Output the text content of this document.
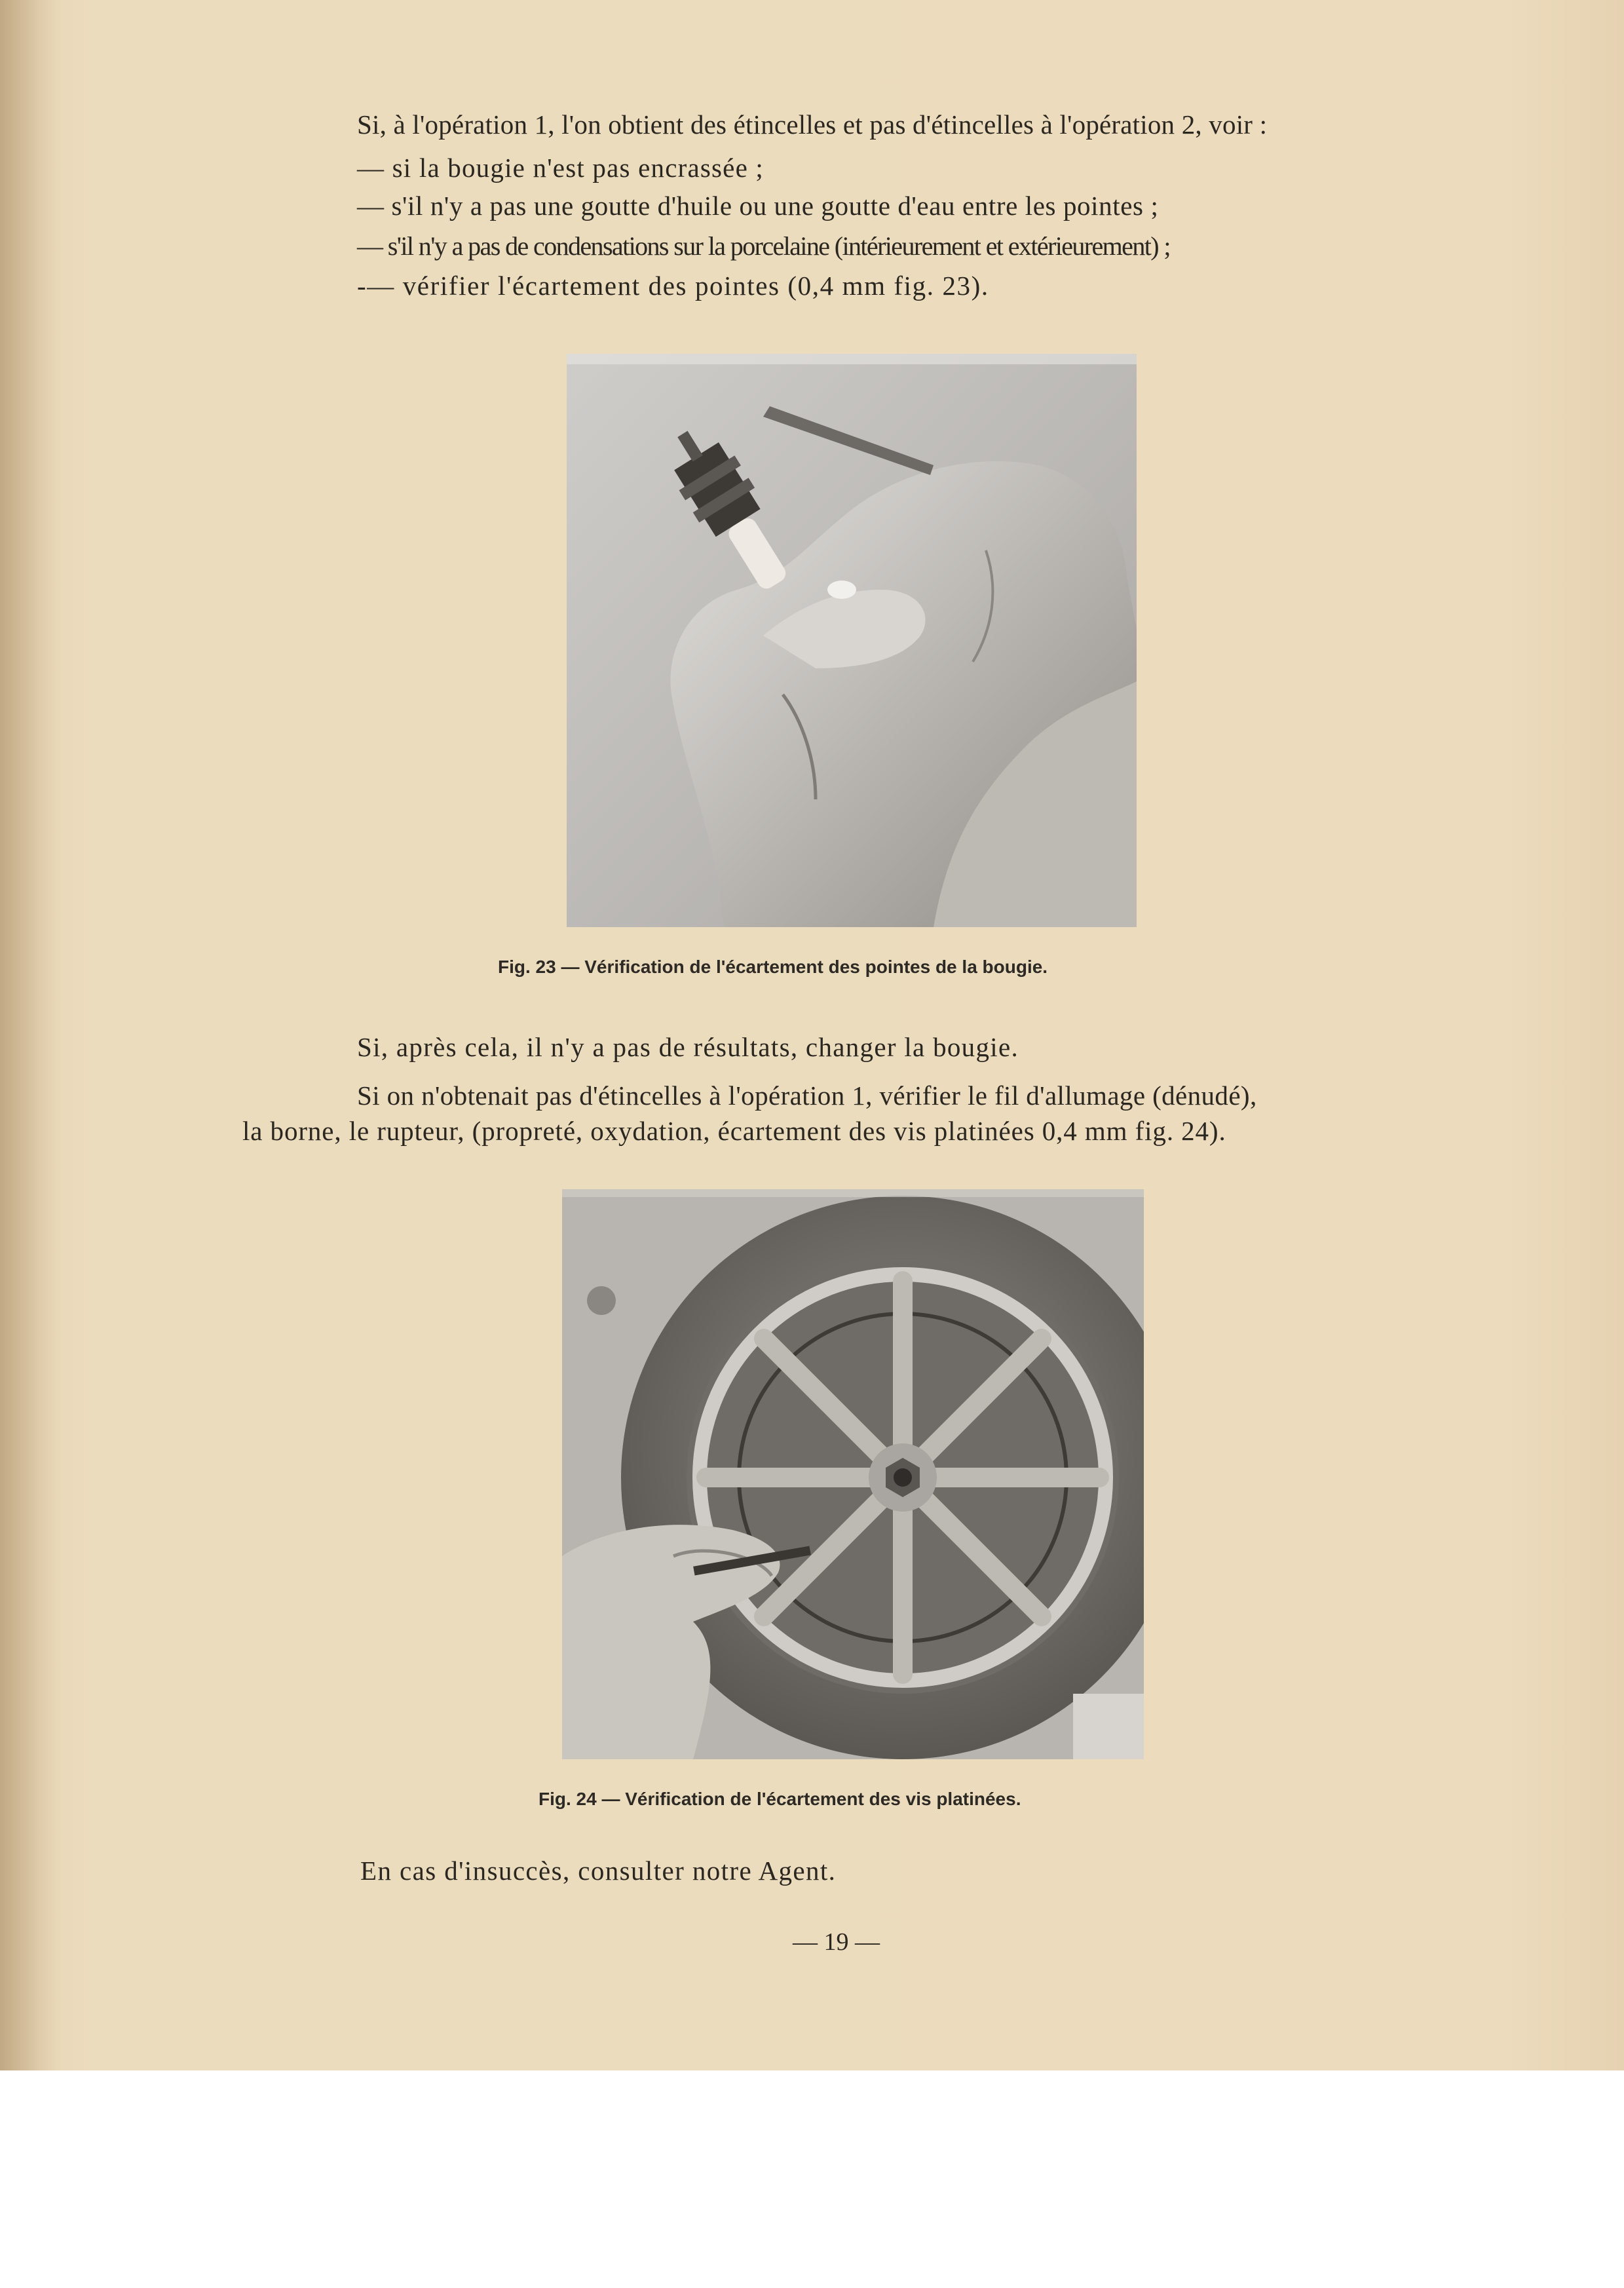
Si, à l'opération 1, l'on obtient des étincelles et pas d'étincelles à l'opération 2, voir :
— si la bougie n'est pas encrassée ;
— s'il n'y a pas une goutte d'huile ou une goutte d'eau entre les pointes ;
— s'il n'y a pas de condensations sur la porcelaine (intérieurement et extérieurement) ;
-— vérifier l'écartement des pointes (0,4 mm fig. 23).
Fig. 23 — Vérification de l'écartement des pointes de la bougie.
Si, après cela, il n'y a pas de résultats, changer la bougie.
Si on n'obtenait pas d'étincelles à l'opération 1, vérifier le fil d'allumage (dénudé),
la borne, le rupteur, (propreté, oxydation, écartement des vis platinées 0,4 mm fig. 24).
Fig. 24 — Vérification de l'écartement des vis platinées.
En cas d'insuccès, consulter notre Agent.
— 19 —
